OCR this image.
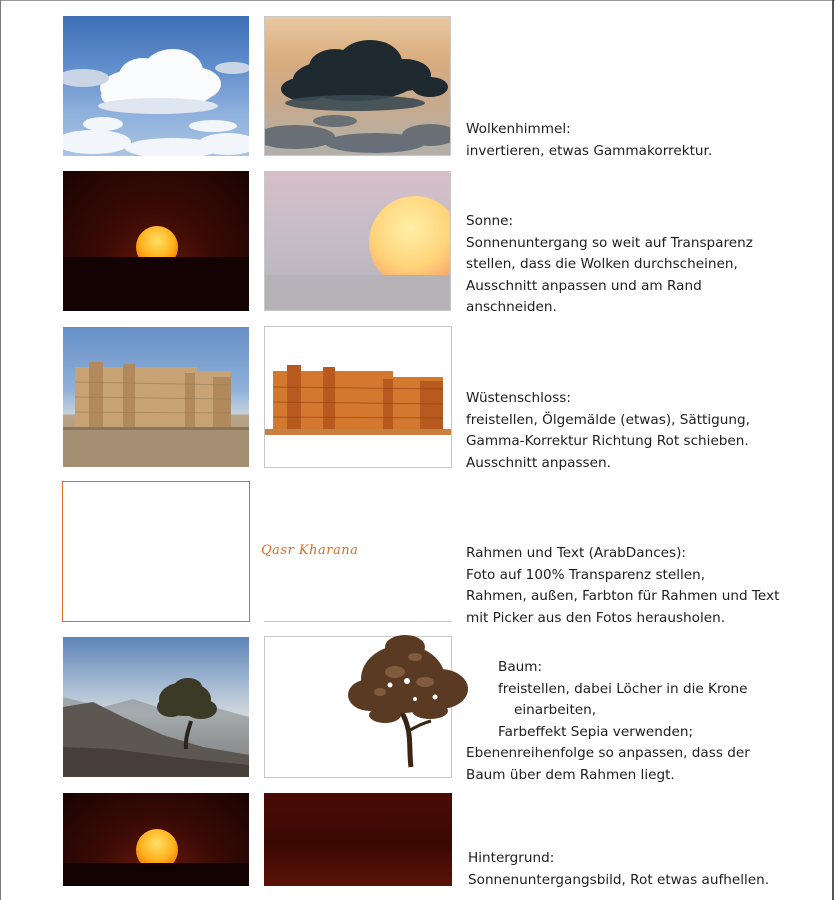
Wolkenhimmel:
invertieren, etwas Gammakorrektur.
Sonne:
Sonnenuntergang so weit auf Transparenz
stellen, dass die Wolken durchscheinen,
Ausschnitt anpassen und am Rand
anschneiden.
Wüstenschloss:
freistellen, Ölgemälde (etwas), Sättigung,
Gamma-Korrektur Richtung Rot schieben.
Ausschnitt anpassen.
Qasr Kharana	Rahmen und Text (ArabDances):
Foto auf 100% Transparenz stellen,
Rahmen, außen, Farbton für Rahmen und Text
mit Picker aus den Fotos herausholen.
Baum:
freistellen, dabei Löcher in die Krone
einarbeiten,
Farbeffekt Sepia verwenden;
Ebenenreihenfolge so anpassen, dass der
Baum über dem Rahmen liegt.
Hintergrund:
Sonnenuntergangsbild, Rot etwas aufhellen.
